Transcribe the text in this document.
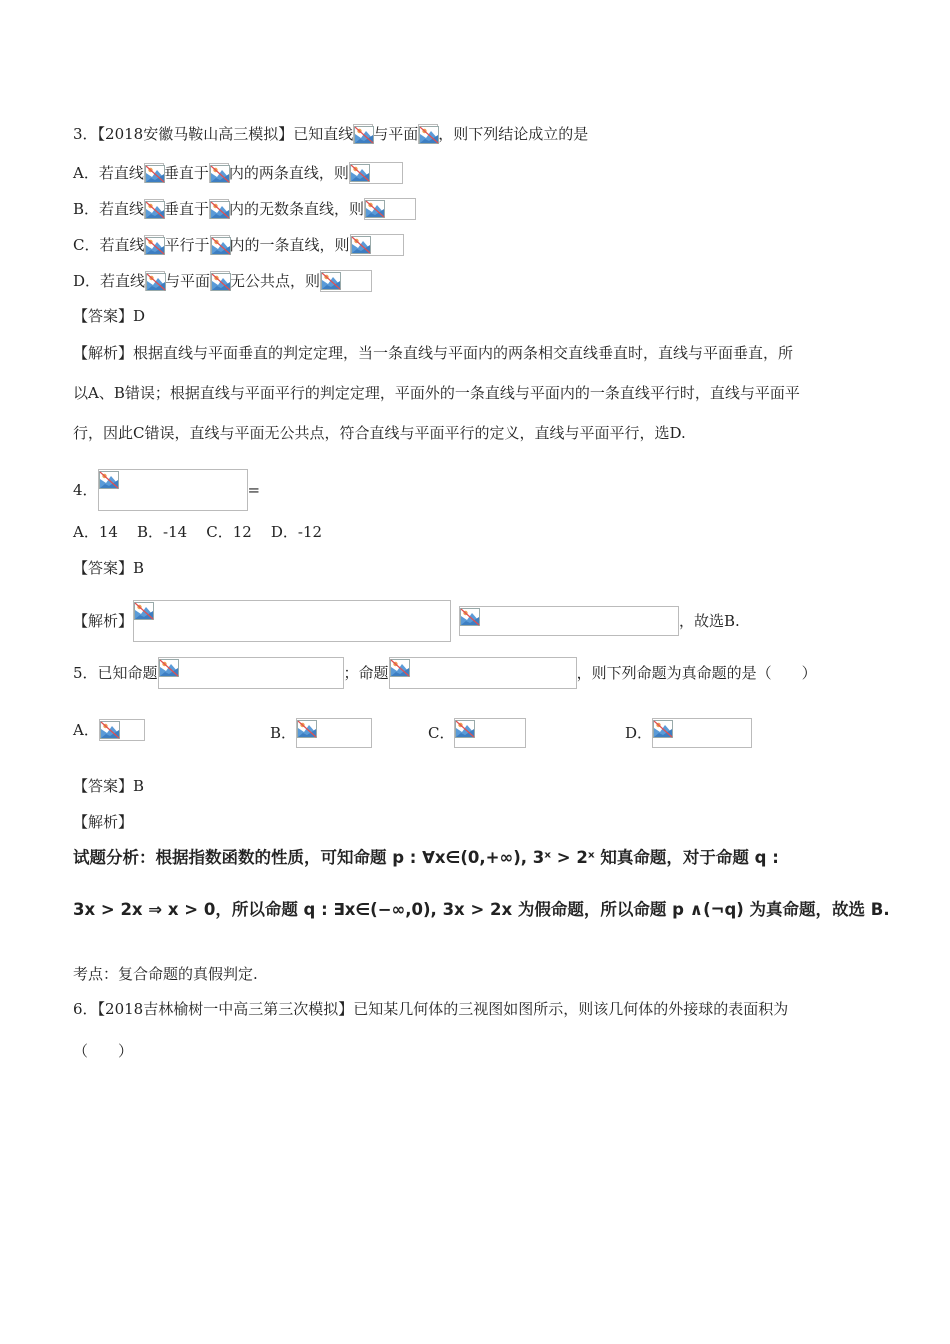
3．【2018安徽马鞍山高三模拟】已知直线 与平面 ，则下列结论成立的是
A．若直线 垂直于 内的两条直线，则
B．若直线 垂直于 内的无数条直线，则
C．若直线 平行于 内的一条直线，则
D．若直线 与平面 无公共点，则
【答案】D
【解析】根据直线与平面垂直的判定定理，当一条直线与平面内的两条相交直线垂直时，直线与平面垂直，所
以A、B错误；根据直线与平面平行的判定定理，平面外的一条直线与平面内的一条直线平行时，直线与平面平
行，因此C错误，直线与平面无公共点，符合直线与平面平行的定义，直线与平面平行，选D.
4．	=
A．14    B．-14    C．12    D．-12
【答案】B
【解析】	，故选B.
5．已知命题	；命题	，则下列命题为真命题的是（　　）
A．	B．	C．	D．
【答案】B
【解析】
试题分析：根据指数函数的性质，可知命题 p : ∀x∈(0,+∞), 3ˣ > 2ˣ 知真命题，对于命题 q :
3x > 2x ⇒ x > 0，所以命题 q : ∃x∈(−∞,0), 3x > 2x 为假命题，所以命题 p ∧(¬q) 为真命题，故选 B.
考点：复合命题的真假判定.
6．【2018吉林榆树一中高三第三次模拟】已知某几何体的三视图如图所示，则该几何体的外接球的表面积为
（　　）
